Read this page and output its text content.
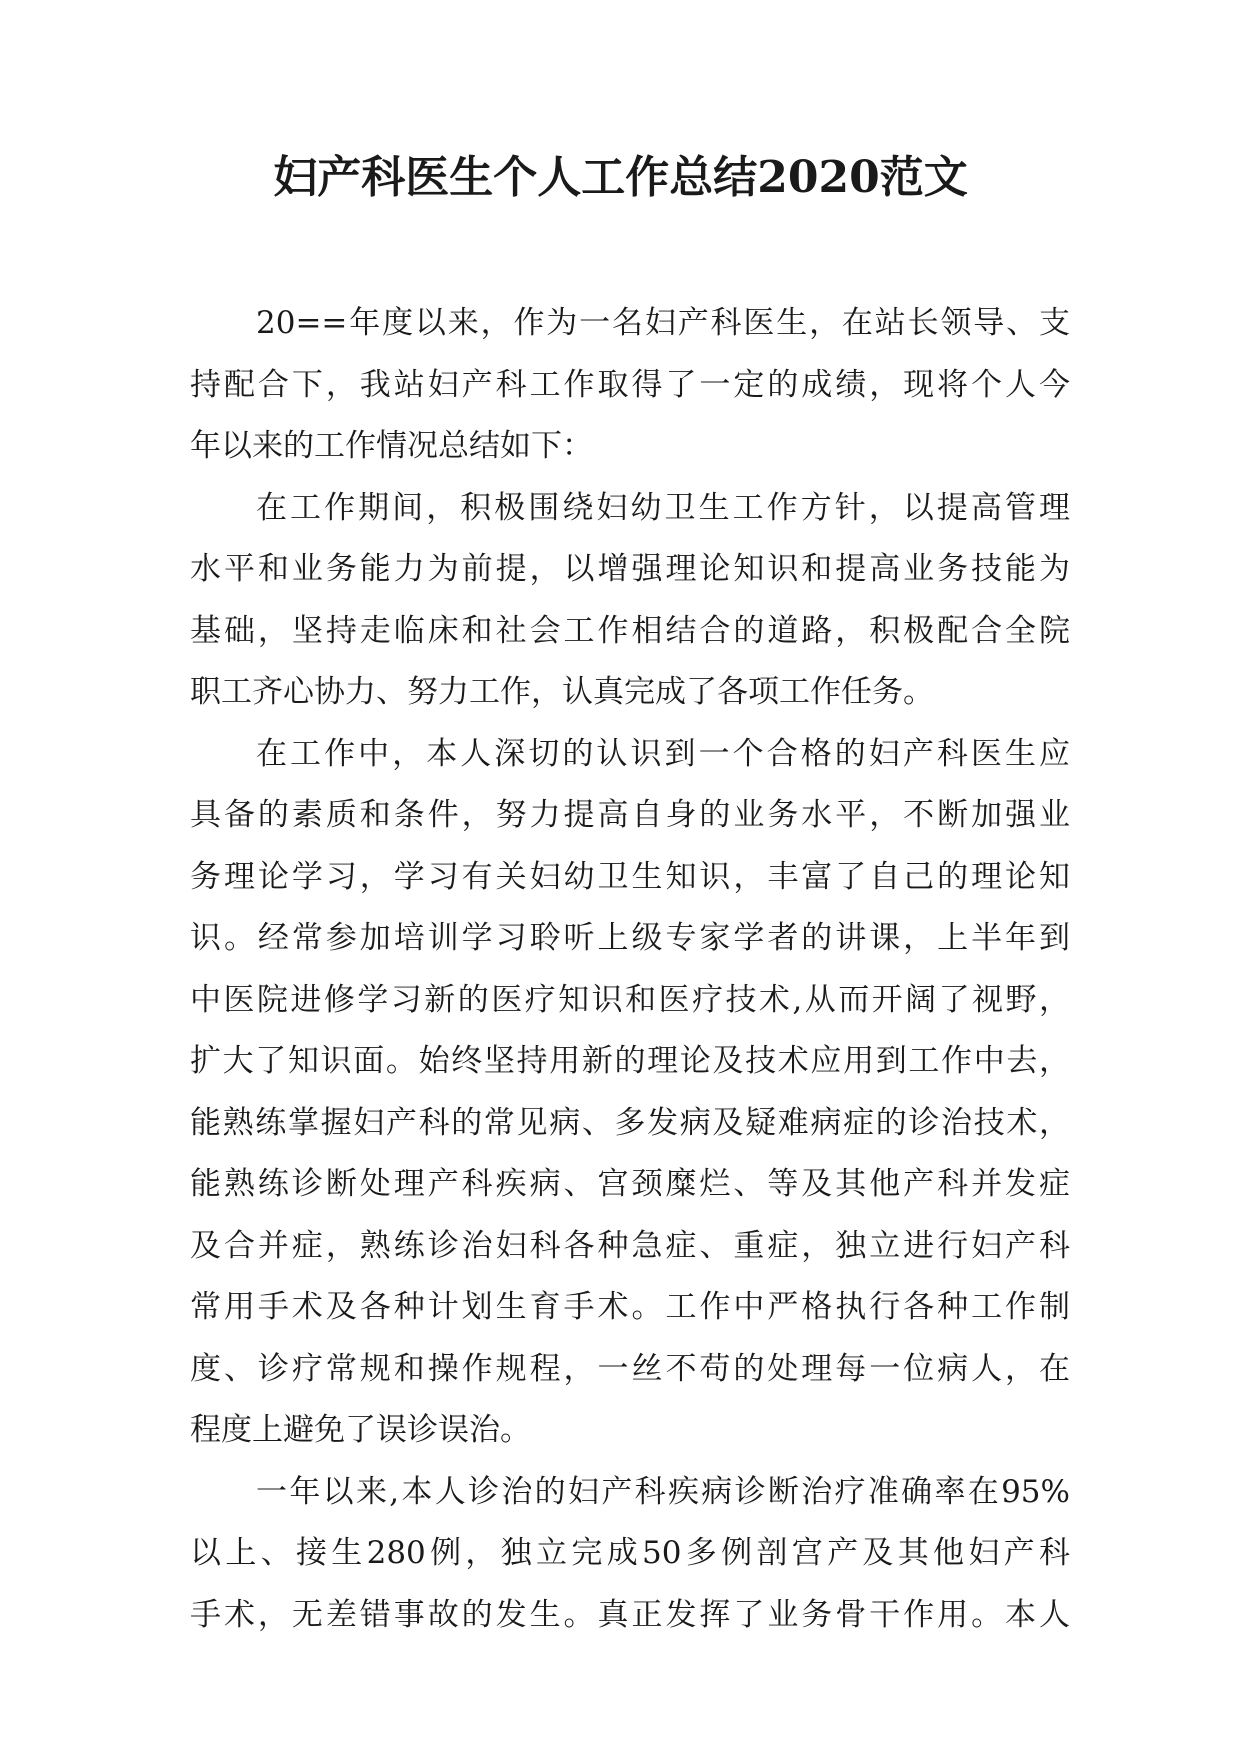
妇产科医生个人工作总结2020范文
20==年度以来，作为一名妇产科医生，在站长领导、支
持配合下，我站妇产科工作取得了一定的成绩，现将个人今
年以来的工作情况总结如下：
在工作期间，积极围绕妇幼卫生工作方针，以提高管理
水平和业务能力为前提，以增强理论知识和提高业务技能为
基础，坚持走临床和社会工作相结合的道路，积极配合全院
职工齐心协力、努力工作，认真完成了各项工作任务。
在工作中，本人深切的认识到一个合格的妇产科医生应
具备的素质和条件，努力提高自身的业务水平，不断加强业
务理论学习，学习有关妇幼卫生知识，丰富了自己的理论知
识。经常参加培训学习聆听上级专家学者的讲课，上半年到
中医院进修学习新的医疗知识和医疗技术,从而开阔了视野，
扩大了知识面。始终坚持用新的理论及技术应用到工作中去，
能熟练掌握妇产科的常见病、多发病及疑难病症的诊治技术，
能熟练诊断处理产科疾病、宫颈糜烂、等及其他产科并发症
及合并症，熟练诊治妇科各种急症、重症，独立进行妇产科
常用手术及各种计划生育手术。工作中严格执行各种工作制
度、诊疗常规和操作规程，一丝不苟的处理每一位病人，在
程度上避免了误诊误治。
一年以来,本人诊治的妇产科疾病诊断治疗准确率在95%
以上、接生280例，独立完成50多例剖宫产及其他妇产科
手术，无差错事故的发生。真正发挥了业务骨干作用。本人
